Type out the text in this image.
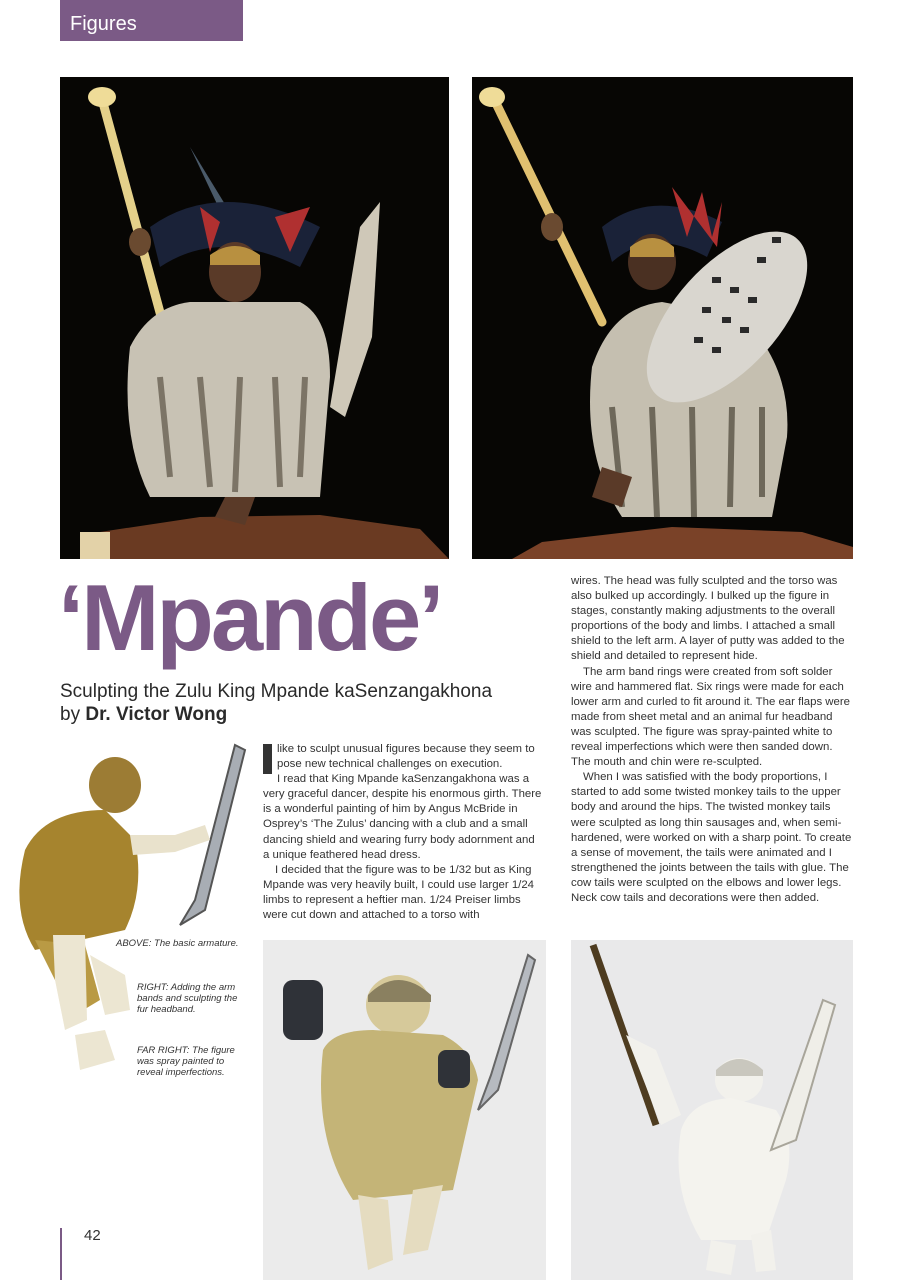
Figures
‘Mpande’
Sculpting the Zulu King Mpande kaSenzangakhona
by Dr. Victor Wong

like to sculpt unusual figures because they seem to pose new technical challenges on execution.

I read that King Mpande kaSenzangakhona was a very graceful dancer, despite his enormous girth. There is a wonderful painting of him by Angus McBride in Osprey’s ‘The Zulus’ dancing with a club and a small dancing shield and wearing furry body adornment and a unique feathered head dress.

I decided that the figure was to be 1/32 but as King Mpande was very heavily built, I could use larger 1/24 limbs to represent a heftier man. 1/24 Preiser limbs were cut down and attached to a torso with

wires. The head was fully sculpted and the torso was also bulked up accordingly. I bulked up the figure in stages, constantly making adjustments to the overall proportions of the body and limbs. I attached a small shield to the left arm. A layer of putty was added to the shield and detailed to represent hide.

The arm band rings were created from soft solder wire and hammered flat. Six rings were made for each lower arm and curled to fit around it. The ear flaps were made from sheet metal and an animal fur headband was sculpted. The figure was spray-painted white to reveal imperfections which were then sanded down. The mouth and chin were re-sculpted.

When I was satisfied with the body proportions, I started to add some twisted monkey tails to the upper body and around the hips. The twisted monkey tails were sculpted as long thin sausages and, when semi-hardened, were worked on with a sharp point. To create a sense of movement, the tails were animated and I strengthened the joints between the tails with glue. The cow tails were sculpted on the elbows and lower legs. Neck cow tails and decorations were then added.

ABOVE: The basic armature.
RIGHT: Adding the arm bands and sculpting the fur headband.
FAR RIGHT: The figure was spray painted to reveal imperfections.
42
